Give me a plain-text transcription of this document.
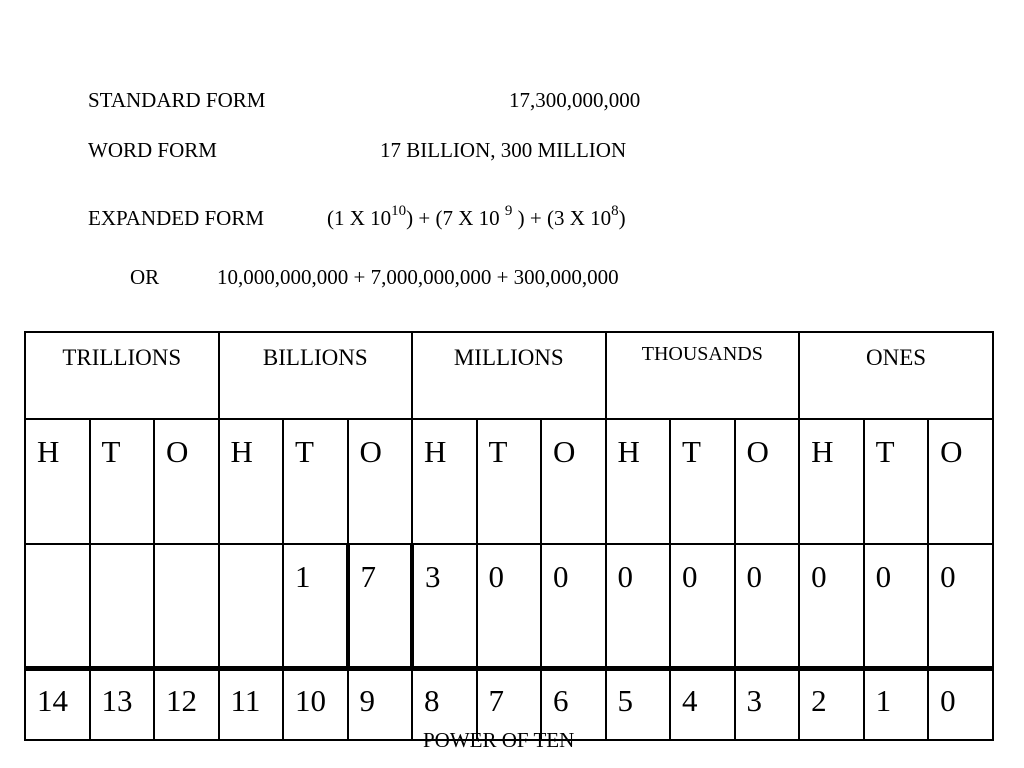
STANDARD FORM	17,300,000,000
WORD FORM	17 BILLION, 300 MILLION
EXPANDED FORM	(1 X $10^{10}) + (7$ X 10 $^9$ ) + (3 X $10^8$)
OR	10,000,000,000 + 7,000,000,000 + 300,000,000
TRILLIONS			BILLIONS			MILLIONS			THOUSANDS			ONES		
H	T	O	H	T	O	H	T	O	H	T	O	H	T	O
				1	7	3	0	0	0	0	0	0	0	0
14	13	12	11	10	9	8	7	6	5	4	3	2	1	0
POWER OF TEN
